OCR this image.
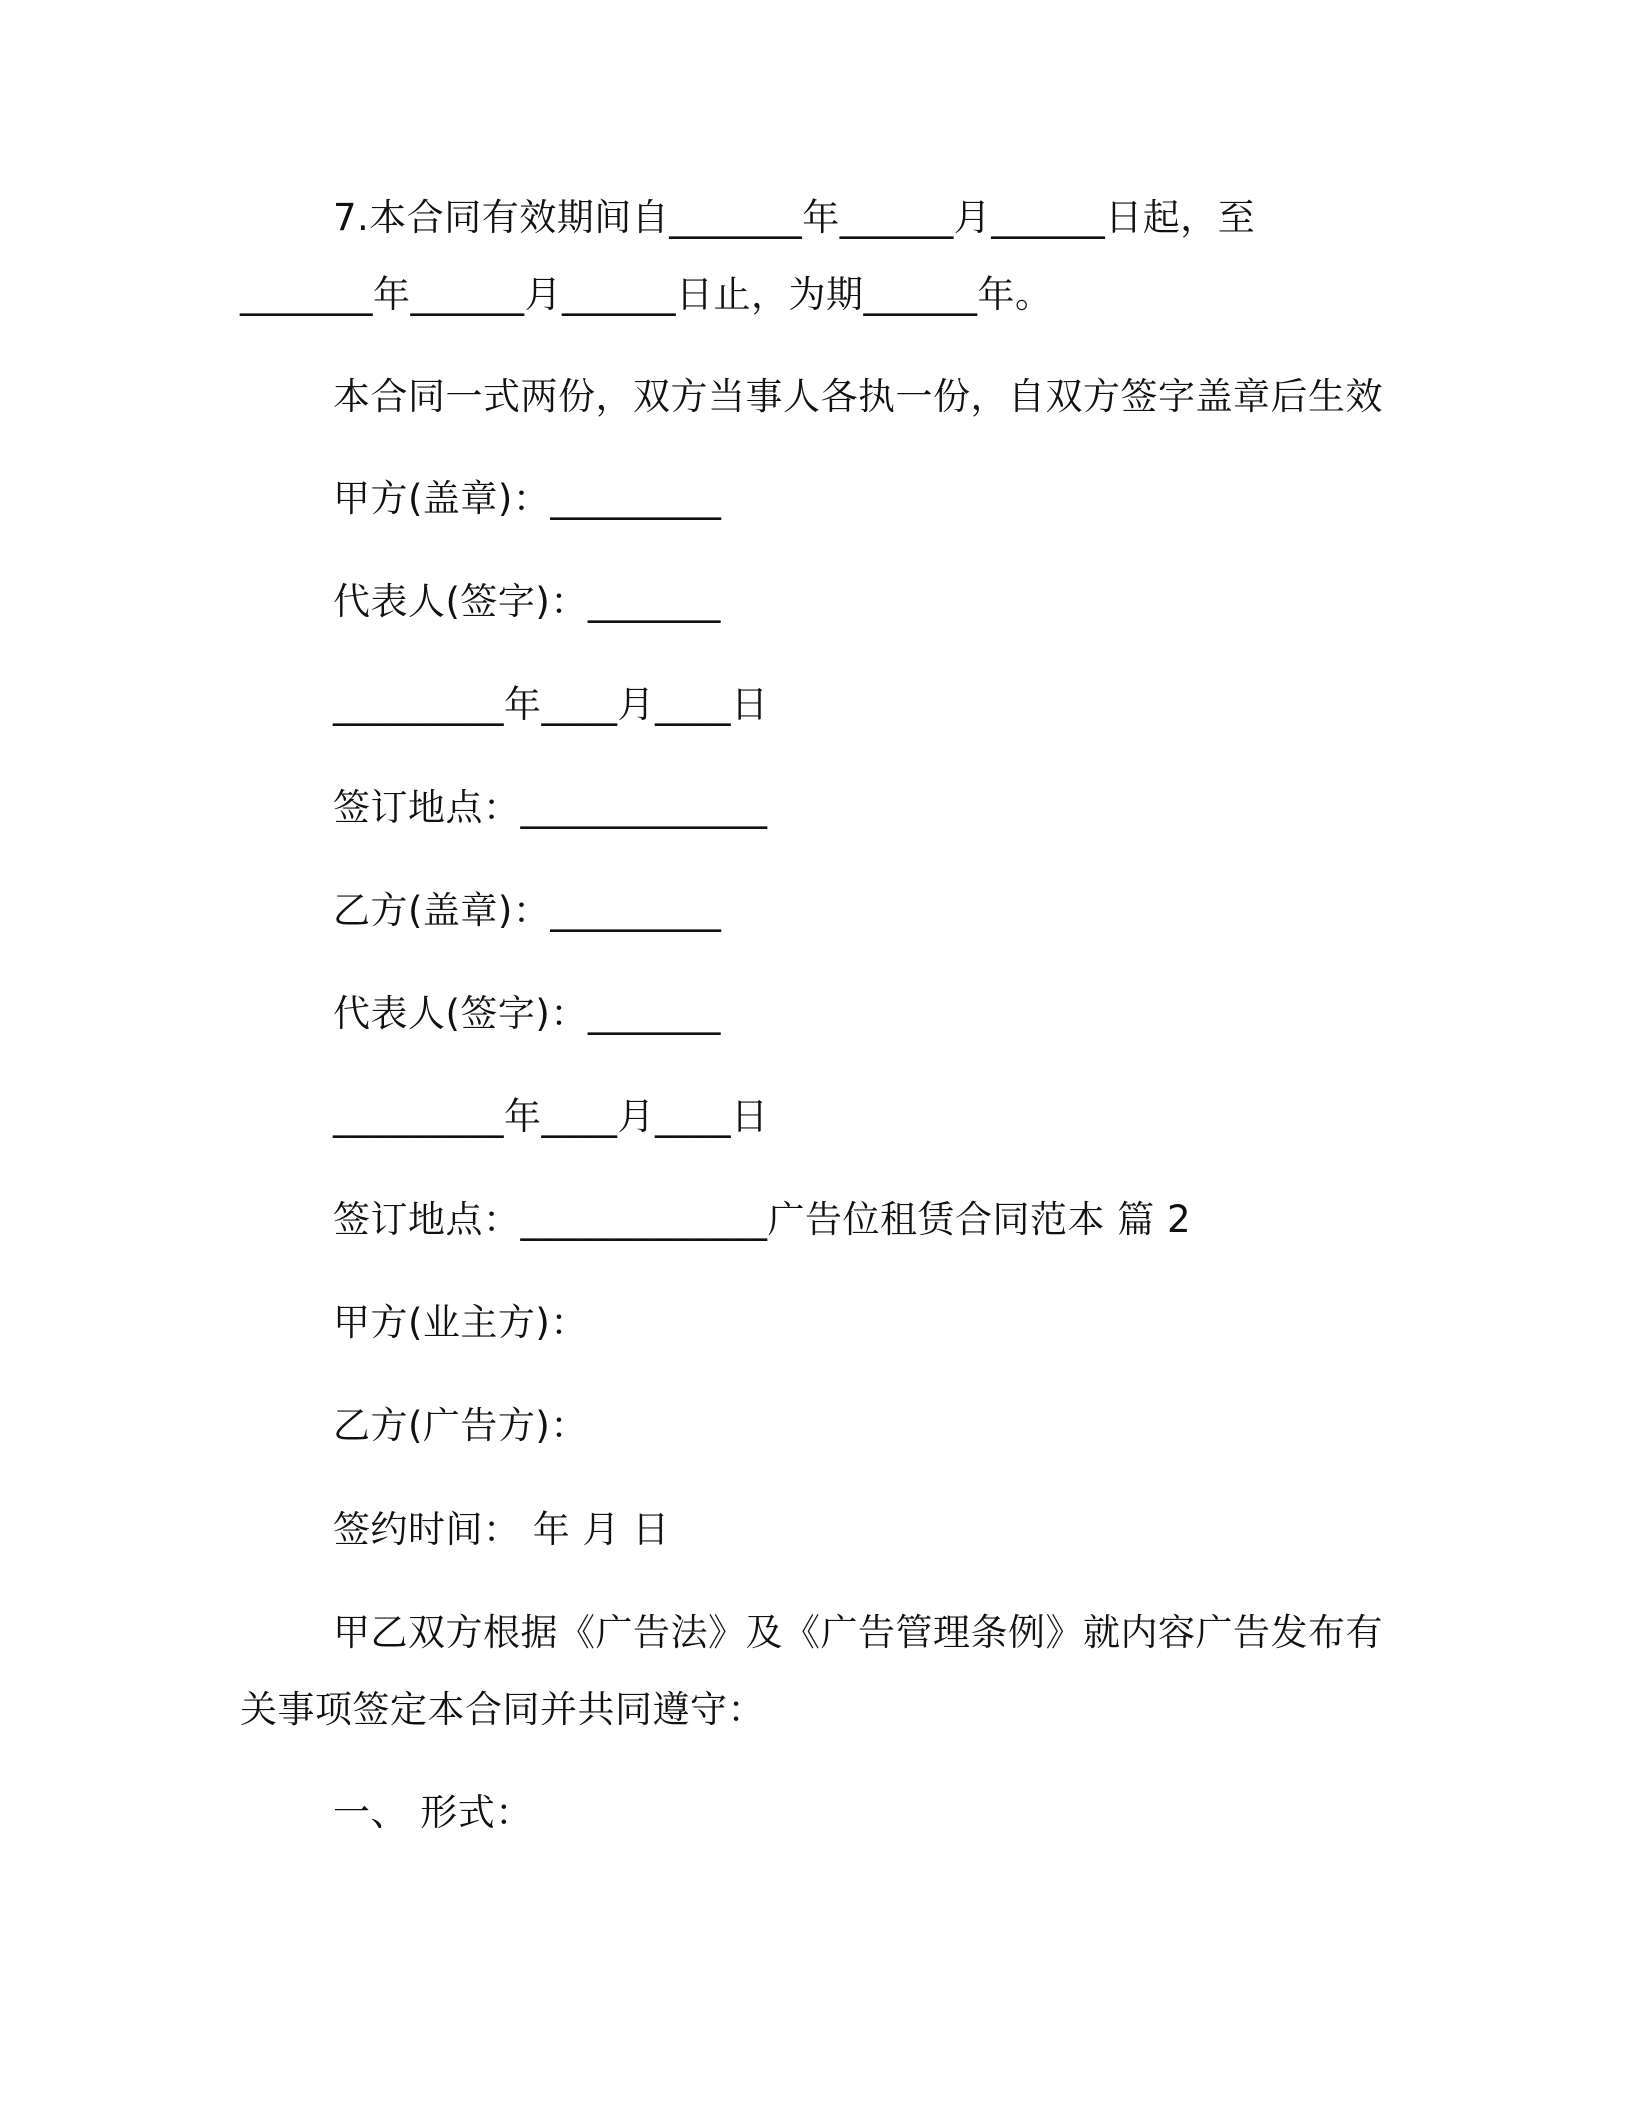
7.本合同有效期间自_______年______月______日起，至
_______年______月______日止，为期______年。
本合同一式两份，双方当事人各执一份，自双方签字盖章后生效
甲方(盖章)：_________
代表人(签字)：_______
_________年____月____日
签订地点：_____________
乙方(盖章)：_________
代表人(签字)：_______
_________年____月____日
签订地点：_____________广告位租赁合同范本 篇 2
甲方(业主方)：
乙方(广告方)：
签约时间： 年 月 日
甲乙双方根据《广告法》及《广告管理条例》就内容广告发布有
关事项签定本合同并共同遵守：
一、 形式：
